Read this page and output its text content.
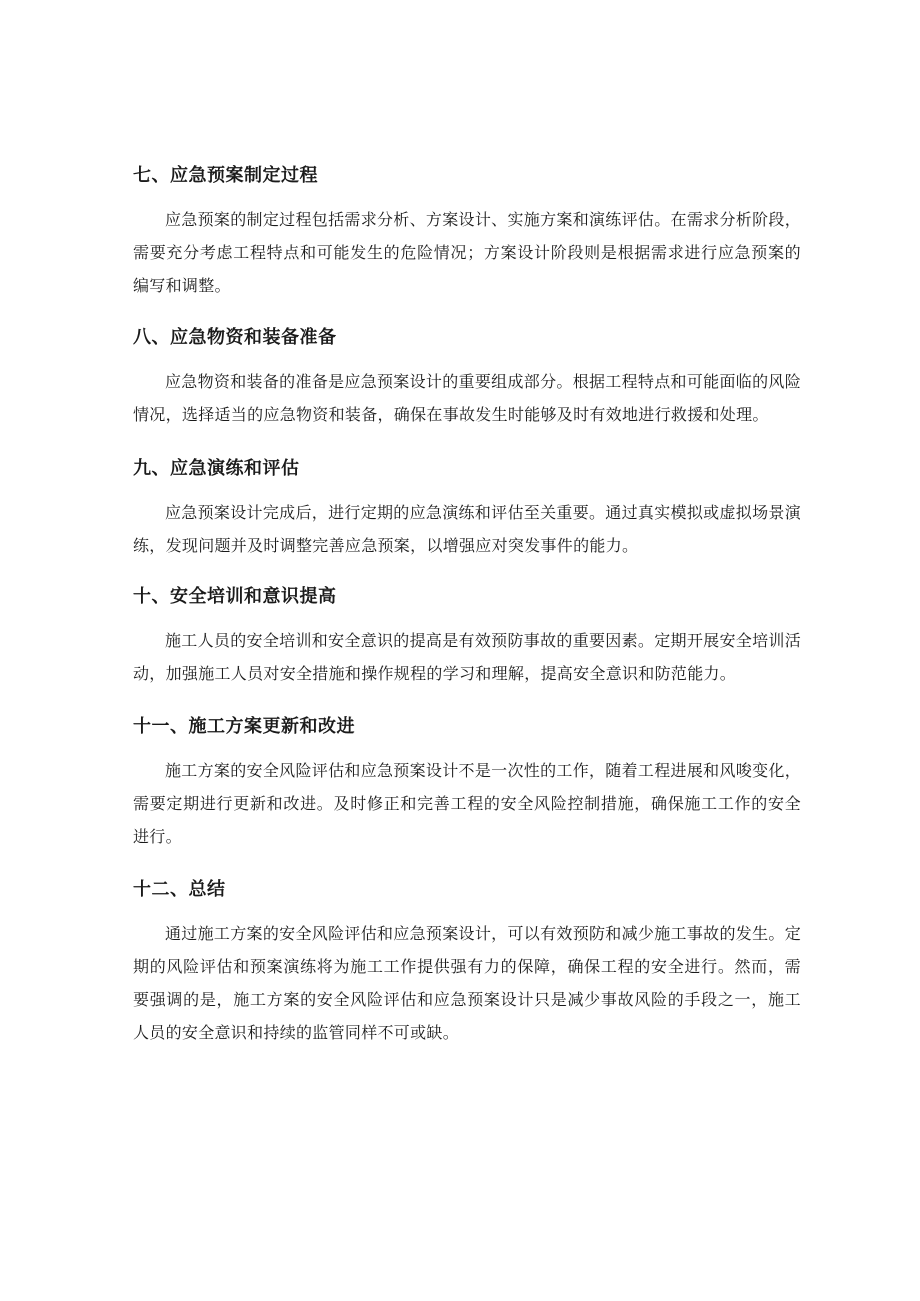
七、应急预案制定过程

应急预案的制定过程包括需求分析、方案设计、实施方案和演练评估。在需求分析阶段，需要充分考虑工程特点和可能发生的危险情况；方案设计阶段则是根据需求进行应急预案的编写和调整。

八、应急物资和装备准备

应急物资和装备的准备是应急预案设计的重要组成部分。根据工程特点和可能面临的风险情况，选择适当的应急物资和装备，确保在事故发生时能够及时有效地进行救援和处理。

九、应急演练和评估

应急预案设计完成后，进行定期的应急演练和评估至关重要。通过真实模拟或虚拟场景演练，发现问题并及时调整完善应急预案，以增强应对突发事件的能力。

十、安全培训和意识提高

施工人员的安全培训和安全意识的提高是有效预防事故的重要因素。定期开展安全培训活动，加强施工人员对安全措施和操作规程的学习和理解，提高安全意识和防范能力。

十一、施工方案更新和改进

施工方案的安全风险评估和应急预案设计不是一次性的工作，随着工程进展和风唆变化，需要定期进行更新和改进。及时修正和完善工程的安全风险控制措施，确保施工工作的安全进行。

十二、总结

通过施工方案的安全风险评估和应急预案设计，可以有效预防和减少施工事故的发生。定期的风险评估和预案演练将为施工工作提供强有力的保障，确保工程的安全进行。然而，需要强调的是，施工方案的安全风险评估和应急预案设计只是减少事故风险的手段之一，施工人员的安全意识和持续的监管同样不可或缺。
